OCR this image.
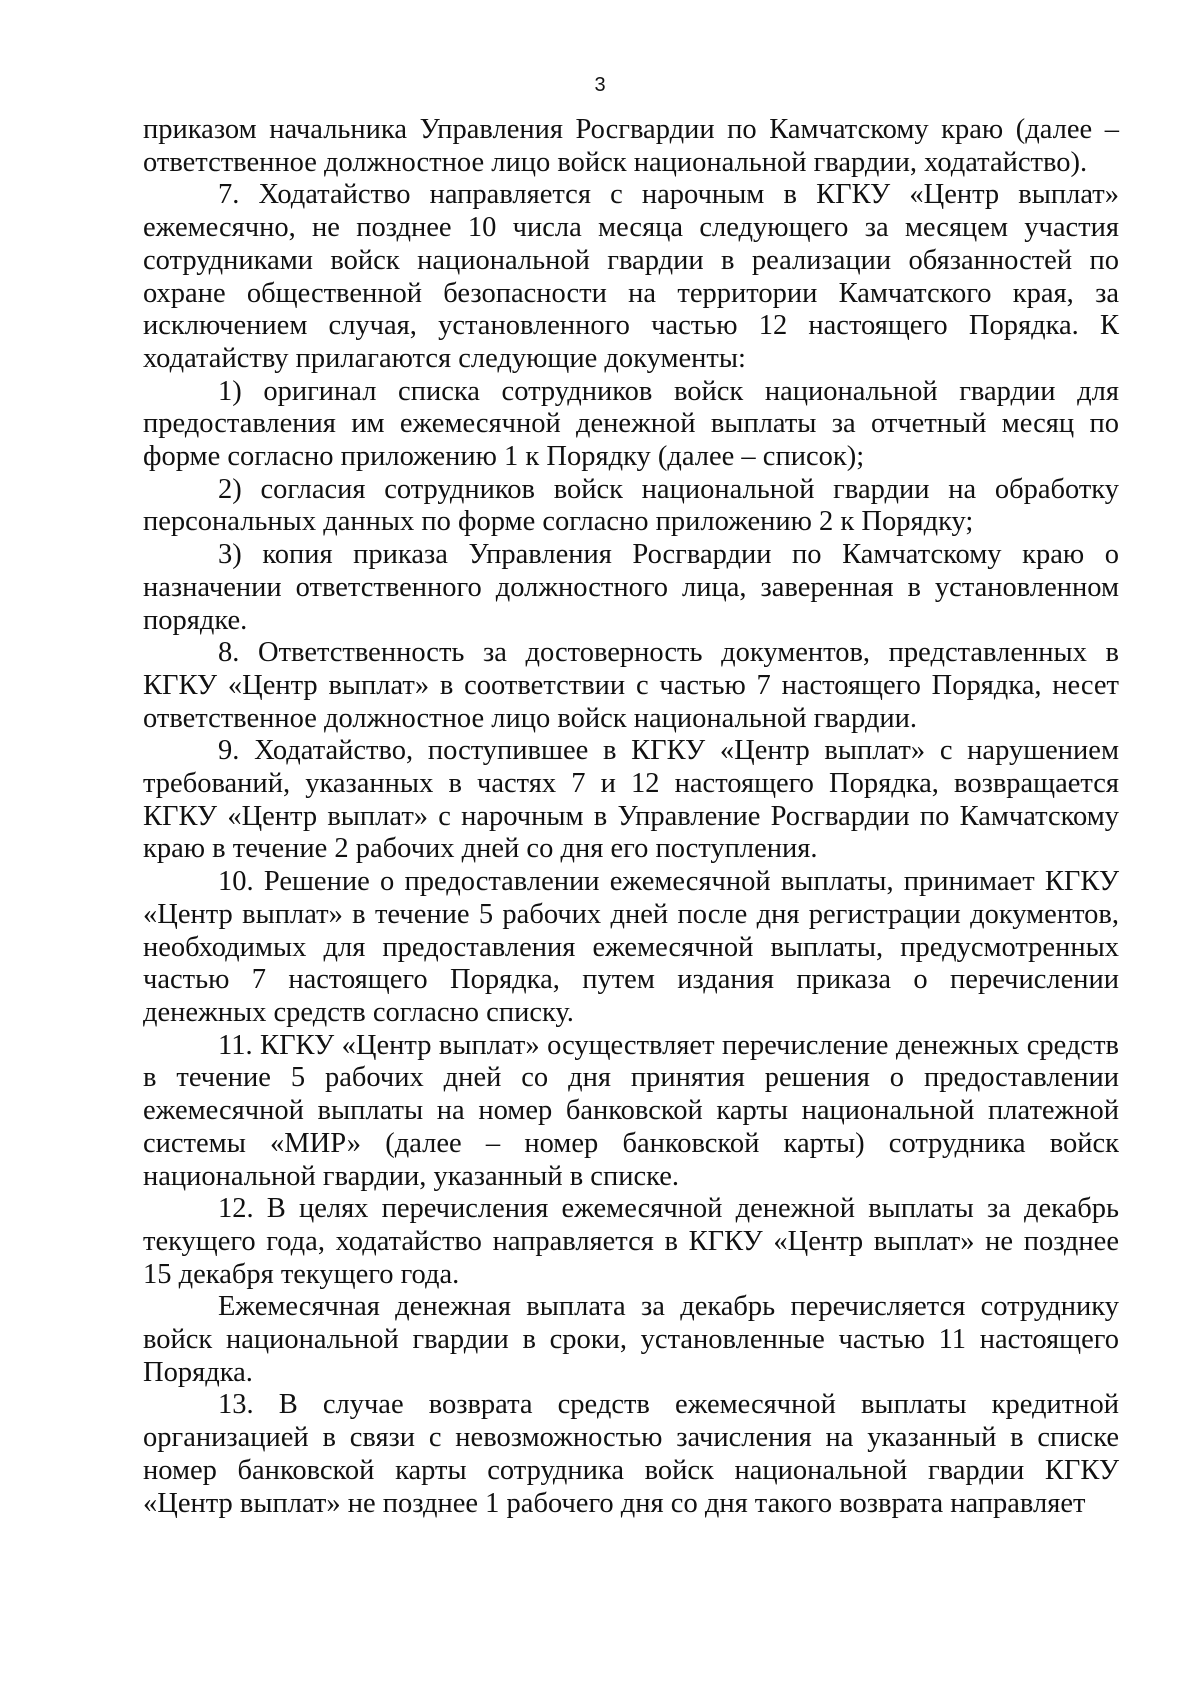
3

приказом начальника Управления Росгвардии по Камчатскому краю (далее – ответственное должностное лицо войск национальной гвардии, ходатайство).

7. Ходатайство направляется с нарочным в КГКУ «Центр выплат» ежемесячно, не позднее 10 числа месяца следующего за месяцем участия сотрудниками войск национальной гвардии в реализации обязанностей по охране общественной безопасности на территории Камчатского края, за исключением случая, установленного частью 12 настоящего Порядка. К ходатайству прилагаются следующие документы:

1) оригинал списка сотрудников войск национальной гвардии для предоставления им ежемесячной денежной выплаты за отчетный месяц по форме согласно приложению 1 к Порядку (далее – список);

2) согласия сотрудников войск национальной гвардии на обработку персональных данных по форме согласно приложению 2 к Порядку;

3) копия приказа Управления Росгвардии по Камчатскому краю о назначении ответственного должностного лица, заверенная в установленном порядке.

8. Ответственность за достоверность документов, представленных в КГКУ «Центр выплат» в соответствии с частью 7 настоящего Порядка, несет ответственное должностное лицо войск национальной гвардии.

9. Ходатайство, поступившее в КГКУ «Центр выплат» с нарушением требований, указанных в частях 7 и 12 настоящего Порядка, возвращается КГКУ «Центр выплат» с нарочным в Управление Росгвардии по Камчатскому краю в течение 2 рабочих дней со дня его поступления.

10. Решение о предоставлении ежемесячной выплаты, принимает КГКУ «Центр выплат» в течение 5 рабочих дней после дня регистрации документов, необходимых для предоставления ежемесячной выплаты, предусмотренных частью 7 настоящего Порядка, путем издания приказа о перечислении денежных средств согласно списку.

11. КГКУ «Центр выплат» осуществляет перечисление денежных средств в течение 5 рабочих дней со дня принятия решения о предоставлении ежемесячной выплаты на номер банковской карты национальной платежной системы «МИР» (далее – номер банковской карты) сотрудника войск национальной гвардии, указанный в списке.

12. В целях перечисления ежемесячной денежной выплаты за декабрь текущего года, ходатайство направляется в КГКУ «Центр выплат» не позднее 15 декабря текущего года.

Ежемесячная денежная выплата за декабрь перечисляется сотруднику войск национальной гвардии в сроки, установленные частью 11 настоящего Порядка.

13. В случае возврата средств ежемесячной выплаты кредитной организацией в связи с невозможностью зачисления на указанный в списке номер банковской карты сотрудника войск национальной гвардии КГКУ «Центр выплат» не позднее 1 рабочего дня со дня такого возврата направляет
